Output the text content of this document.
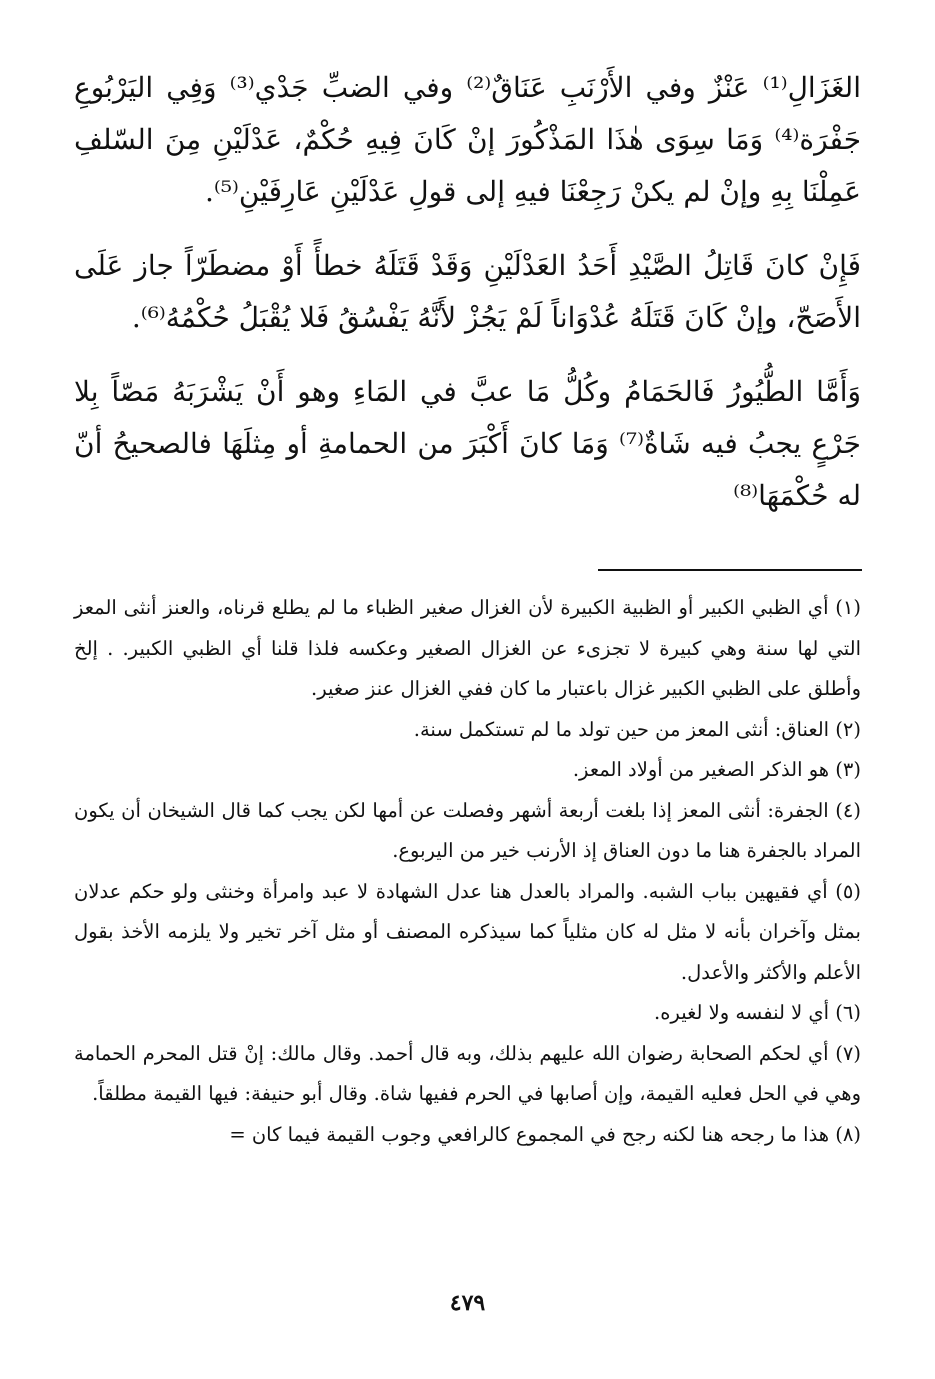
الغَزَالِ⁽¹⁾ عَنْزٌ وفي الأَرْنَبِ عَنَاقٌ⁽²⁾ وفي الضبِّ جَدْي⁽³⁾ وَفِي اليَرْبُوعِ جَفْرَة⁽⁴⁾ وَمَا سِوَى هٰذَا المَذْكُورَ إنْ كَانَ فِيهِ حُكْمٌ، عَدْلَيْنِ مِنَ السّلفِ عَمِلْنَا بِهِ وإنْ لم يكنْ رَجِعْنَا فيهِ إلى قولِ عَدْلَيْنِ عَارِفَيْنِ⁽⁵⁾.

فَإِنْ كانَ قَاتِلُ الصَّيْدِ أَحَدُ العَدْلَيْنِ وَقَدْ قَتَلَهُ خطأً أَوْ مضطَرّاً جاز عَلَى الأَصَحّ، وإنْ كَانَ قَتَلَهُ عُدْوَاناً لَمْ يَجُزْ لأَنَّهُ يَفْسُقُ فَلا يُقْبَلُ حُكْمُهُ⁽⁶⁾.

وَأَمَّا الطُّيُورُ فَالحَمَامُ وكُلُّ مَا عبَّ في المَاءِ وهو أَنْ يَشْرَبَهُ مَصّاً بِلا جَرْعٍ يجبُ فيه شَاةٌ⁽⁷⁾ وَمَا كانَ أَكْبَرَ من الحمامةِ أو مِثلَهَا فالصحيحُ أنّ له حُكْمَهَا⁽⁸⁾

(١) أي الظبي الكبير أو الظبية الكبيرة لأن الغزال صغير الظباء ما لم يطلع قرناه، والعنز أنثى المعز التي لها سنة وهي كبيرة لا تجزىء عن الغزال الصغير وعكسه فلذا قلنا أي الظبي الكبير. . إلخ وأطلق على الظبي الكبير غزال باعتبار ما كان ففي الغزال عنز صغير.

(٢) العناق: أنثى المعز من حين تولد ما لم تستكمل سنة.

(٣) هو الذكر الصغير من أولاد المعز.

(٤) الجفرة: أنثى المعز إذا بلغت أربعة أشهر وفصلت عن أمها لكن يجب كما قال الشيخان أن يكون المراد بالجفرة هنا ما دون العناق إذ الأرنب خير من اليربوع.

(٥) أي فقيهين بباب الشبه. والمراد بالعدل هنا عدل الشهادة لا عبد وامرأة وخنثى ولو حكم عدلان بمثل وآخران بأنه لا مثل له كان مثلياً كما سيذكره المصنف أو مثل آخر تخير ولا يلزمه الأخذ بقول الأعلم والأكثر والأعدل.

(٦) أي لا لنفسه ولا لغيره.

(٧) أي لحكم الصحابة رضوان الله عليهم بذلك، وبه قال أحمد. وقال مالك: إنْ قتل المحرم الحمامة وهي في الحل فعليه القيمة، وإن أصابها في الحرم ففيها شاة. وقال أبو حنيفة: فيها القيمة مطلقاً.

(٨) هذا ما رجحه هنا لكنه رجح في المجموع كالرافعي وجوب القيمة فيما كان =

٤٧٩
